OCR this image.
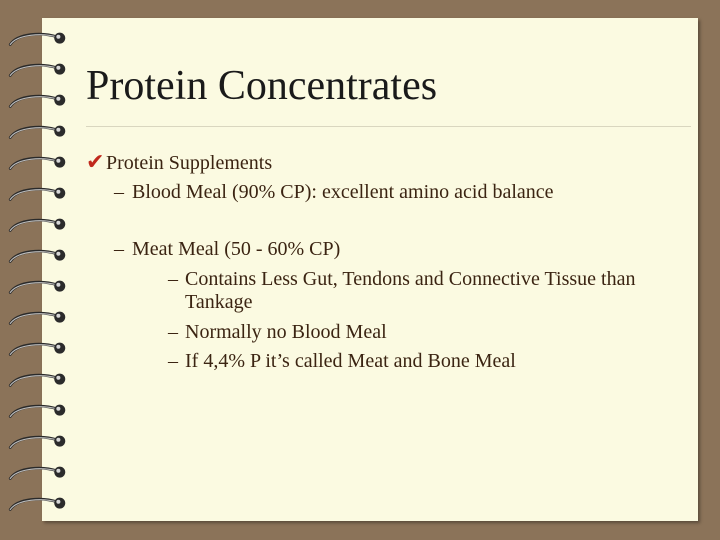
Protein Concentrates
✔ Protein Supplements
– Blood Meal (90% CP): excellent amino acid balance
– Meat Meal (50 - 60% CP)
– Contains Less Gut, Tendons and Connective Tissue than
Tankage
– Normally no Blood Meal
– If 4,4% P it’s called Meat and Bone Meal
